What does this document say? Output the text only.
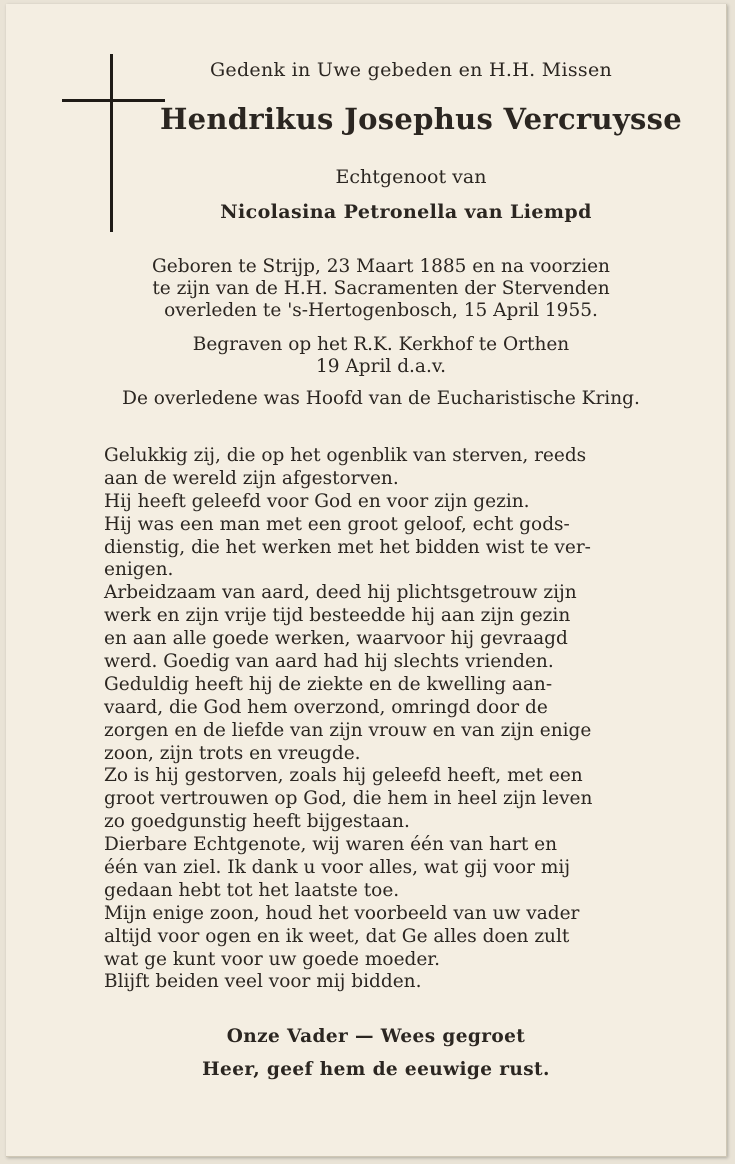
Gedenk in Uwe gebeden en H.H. Missen
Hendrikus Josephus Vercruysse
Echtgenoot van
Nicolasina Petronella van Liempd
Geboren te Strijp, 23 Maart 1885 en na voorzien
te zijn van de H.H. Sacramenten der Stervenden
overleden te 's-Hertogenbosch, 15 April 1955.
Begraven op het R.K. Kerkhof te Orthen
19 April d.a.v.
De overledene was Hoofd van de Eucharistische Kring.
Gelukkig zij, die op het ogenblik van sterven, reeds
aan de wereld zijn afgestorven.
Hij heeft geleefd voor God en voor zijn gezin.
Hij was een man met een groot geloof, echt gods-
dienstig, die het werken met het bidden wist te ver-
enigen.
Arbeidzaam van aard, deed hij plichtsgetrouw zijn
werk en zijn vrije tijd besteedde hij aan zijn gezin
en aan alle goede werken, waarvoor hij gevraagd
werd. Goedig van aard had hij slechts vrienden.
Geduldig heeft hij de ziekte en de kwelling aan-
vaard, die God hem overzond, omringd door de
zorgen en de liefde van zijn vrouw en van zijn enige
zoon, zijn trots en vreugde.
Zo is hij gestorven, zoals hij geleefd heeft, met een
groot vertrouwen op God, die hem in heel zijn leven
zo goedgunstig heeft bijgestaan.
Dierbare Echtgenote, wij waren één van hart en
één van ziel. Ik dank u voor alles, wat gij voor mij
gedaan hebt tot het laatste toe.
Mijn enige zoon, houd het voorbeeld van uw vader
altijd voor ogen en ik weet, dat Ge alles doen zult
wat ge kunt voor uw goede moeder.
Blijft beiden veel voor mij bidden.
Onze Vader — Wees gegroet
Heer, geef hem de eeuwige rust.
